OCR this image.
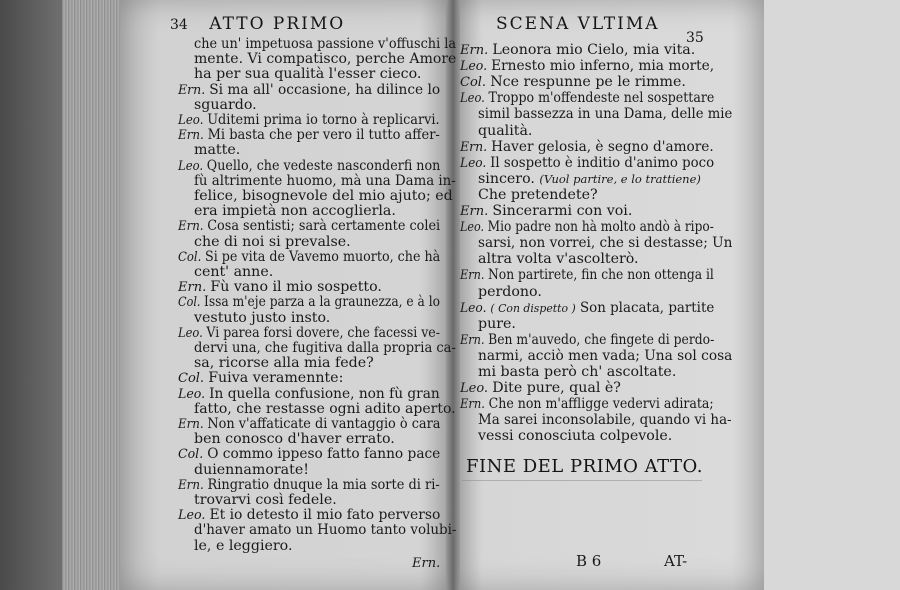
34 ATTO PRIMO	SCENA VLTIMA
35
che un' impetuosa passione v'offuschi la
mente. Vi compatisco, perche Amore
ha per sua qualità l'esser cieco.
Ern. Si ma all' occasione, ha dilince lo
sguardo.
Leo. Uditemi prima io torno à replicarvi.
Ern. Mi basta che per vero il tutto affer-
matte.
Leo. Quello, che vedeste nasconderfi non
fù altrimente huomo, mà una Dama in-
felice, bisognevole del mio ajuto; ed
era impietà non accoglierla.
Ern. Cosa sentisti; sarà certamente colei
che di noi si prevalse.
Col. Si pe vita de Vavemo muorto, che hà
cent' anne.
Ern. Fù vano il mio sospetto.
Col. Issa m'eje parza a la graunezza, e à lo
vestuto justo insto.
Leo. Vi parea forsi dovere, che facessi ve-
dervi una, che fugitiva dalla propria ca-
sa, ricorse alla mia fede?
Col. Fuiva veramennte:
Leo. In quella confusione, non fù gran
fatto, che restasse ogni adito aperto.
Ern. Non v'affaticate di vantaggio ò cara
ben conosco d'haver errato.
Col. O commo ippeso fatto fanno pace
duiennamorate!
Ern. Ringratio dnuque la mia sorte di ri-
trovarvi così fedele.
Leo. Et io detesto il mio fato perverso
d'haver amato un Huomo tanto volubi-
le, e leggiero.
Ern. Leonora mio Cielo, mia vita.
Leo. Ernesto mio inferno, mia morte,
Col. Nce respunne pe le rimme.
Leo. Troppo m'offendeste nel sospettare
simil bassezza in una Dama, delle mie
qualità.
Ern. Haver gelosia, è segno d'amore.
Leo. Il sospetto è inditio d'animo poco
sincero. (Vuol partire, e lo trattiene)
Che pretendete?
Ern. Sincerarmi con voi.
Leo. Mio padre non hà molto andò à ripo-
sarsi, non vorrei, che si destasse; Un
altra volta v'ascolterò.
Ern. Non partirete, fin che non ottenga il
perdono.
Leo. ( Con dispetto ) Son placata, partite
pure.
Ern. Ben m'auvedo, che fingete di perdo-
narmi, acciò men vada; Una sol cosa
mi basta però ch' ascoltate.
Leo. Dite pure, qual è?
Ern. Che non m'affligge vedervi adirata;
Ma sarei inconsolabile, quando vi ha-
vessi conosciuta colpevole.
FINE DEL PRIMO ATTO.
Ern.	B 6	AT-
